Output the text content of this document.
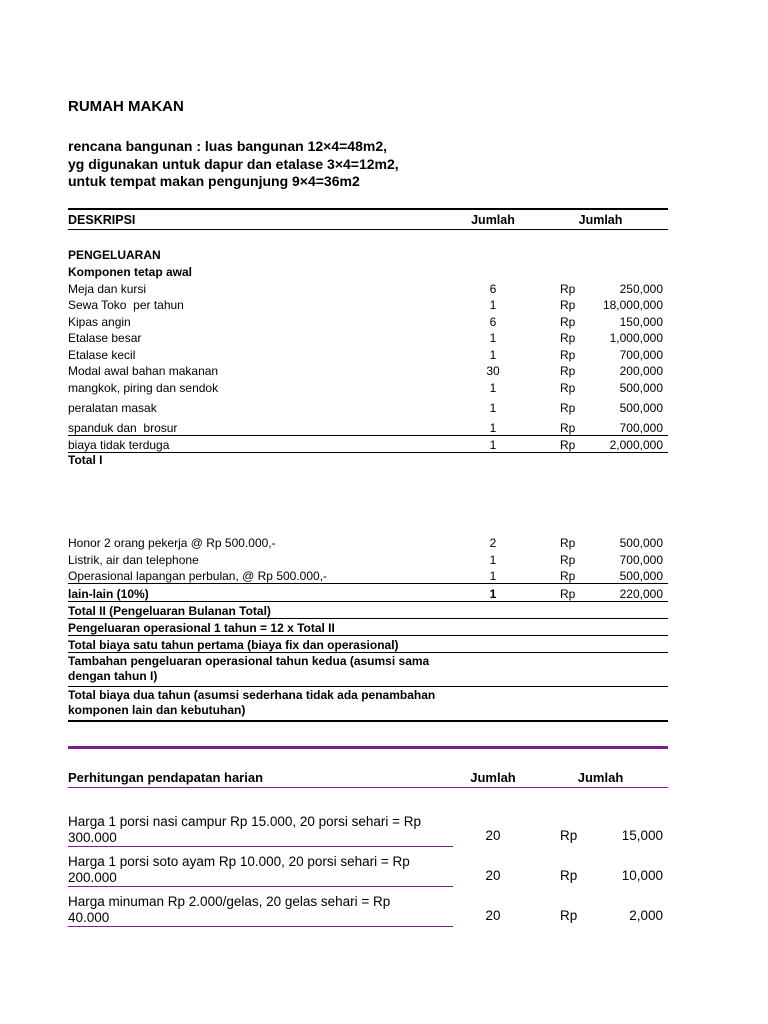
RUMAH MAKAN
rencana bangunan : luas bangunan 12×4=48m2,
yg digunakan untuk dapur dan etalase 3×4=12m2,
untuk tempat makan pengunjung 9×4=36m2
DESKRIPSI	Jumlah	Jumlah	

PENGELUARAN			
Komponen tetap awal			
Meja dan kursi	6	Rp	250,000
Sewa Toko  per tahun	1	Rp	18,000,000
Kipas angin	6	Rp	150,000
Etalase besar	1	Rp	1,000,000
Etalase kecil	1	Rp	700,000
Modal awal bahan makanan	30	Rp	200,000
mangkok, piring dan sendok	1	Rp	500,000
peralatan masak	1	Rp	500,000
spanduk dan  brosur	1	Rp	700,000
biaya tidak terduga	1	Rp	2,000,000
Total I			

Honor 2 orang pekerja @ Rp 500.000,-	2	Rp	500,000
Listrik, air dan telephone	1	Rp	700,000
Operasional lapangan perbulan, @ Rp 500.000,-	1	Rp	500,000
lain-lain (10%)	1	Rp	220,000
Total II (Pengeluaran Bulanan Total)			
Pengeluaran operasional 1 tahun = 12 x Total II			
Total biaya satu tahun pertama (biaya fix dan operasional)			
Tambahan pengeluaran operasional tahun kedua (asumsi sama dengan tahun I)			
Total biaya dua tahun (asumsi sederhana tidak ada penambahan komponen lain dan kebutuhan)			
Perhitungan pendapatan harian	Jumlah	Jumlah	

Harga 1 porsi nasi campur Rp 15.000, 20 porsi sehari = Rp 300.000	20	Rp	15,000
Harga 1 porsi soto ayam Rp 10.000, 20 porsi sehari = Rp 200.000	20	Rp	10,000
Harga minuman Rp 2.000/gelas, 20 gelas sehari = Rp 40.000	20	Rp	2,000
